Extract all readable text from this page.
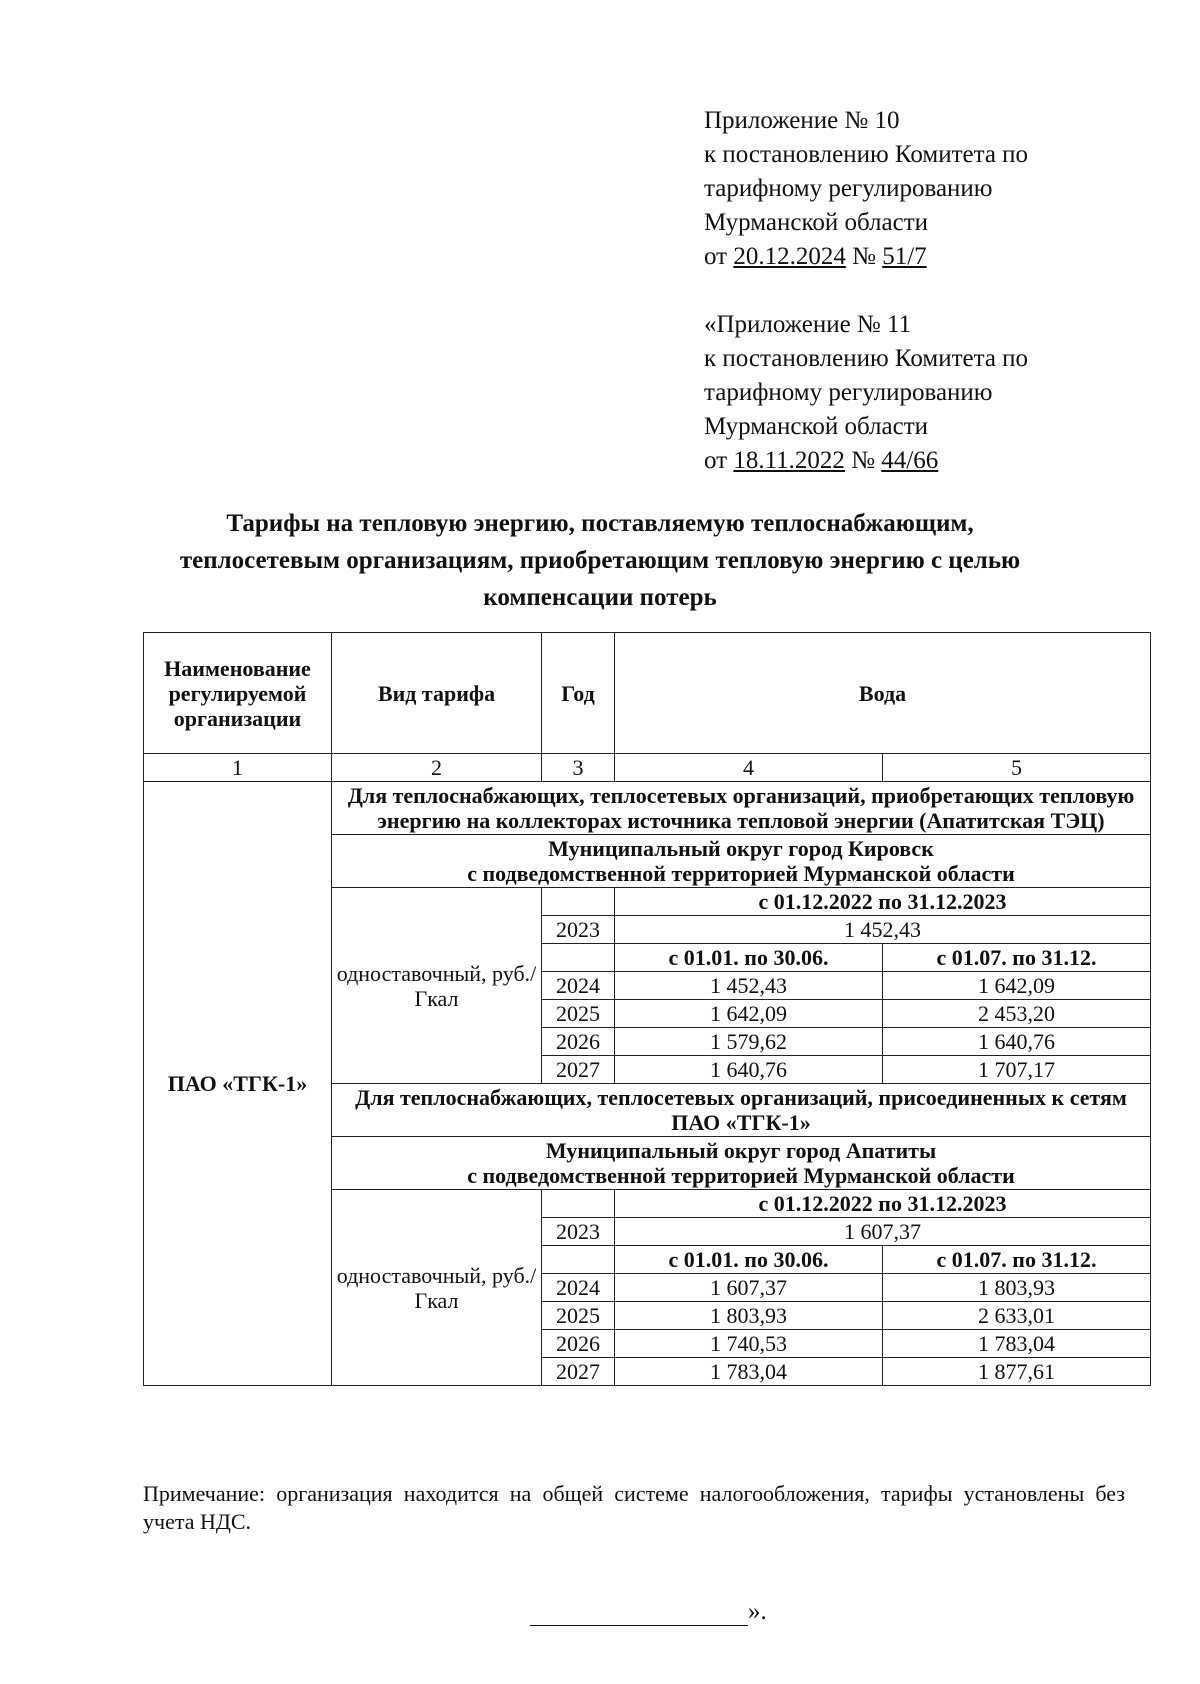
Приложение № 10
к постановлению Комитета по
тарифному регулированию
Мурманской области
от 20.12.2024 № 51/7
«Приложение № 11
к постановлению Комитета по
тарифному регулированию
Мурманской области
от 18.11.2022 № 44/66
Тарифы на тепловую энергию, поставляемую теплоснабжающим,
теплосетевым организациям, приобретающим тепловую энергию с целью
компенсации потерь
Наименование регулируемой организации	Вид тарифа	Год	Вода	
1	2	3	4	5
ПАО «ТГК-1»	Для теплоснабжающих, теплосетевых организаций, приобретающих тепловую энергию на коллекторах источника тепловой энергии (Апатитская ТЭЦ)			

	Муниципальный округ город Кировск
с подведомственной территорией Мурманской области			

	одноставочный, руб./Гкал		с 01.12.2022 по 31.12.2023	
		2023	1 452,43	
			с 01.01. по 30.06.	с 01.07. по 31.12.
		2024	1 452,43	1 642,09
		2025	1 642,09	2 453,20
		2026	1 579,62	1 640,76
		2027	1 640,76	1 707,17
	Для теплоснабжающих, теплосетевых организаций, присоединенных к сетям ПАО «ТГК-1»			

	Муниципальный округ город Апатиты
с подведомственной территорией Мурманской области			

	одноставочный, руб./Гкал		с 01.12.2022 по 31.12.2023	
		2023	1 607,37	
			с 01.01. по 30.06.	с 01.07. по 31.12.
		2024	1 607,37	1 803,93
		2025	1 803,93	2 633,01
		2026	1 740,53	1 783,04
		2027	1 783,04	1 877,61
Примечание: организация находится на общей системе налогообложения, тарифы установлены без учета НДС.
».
